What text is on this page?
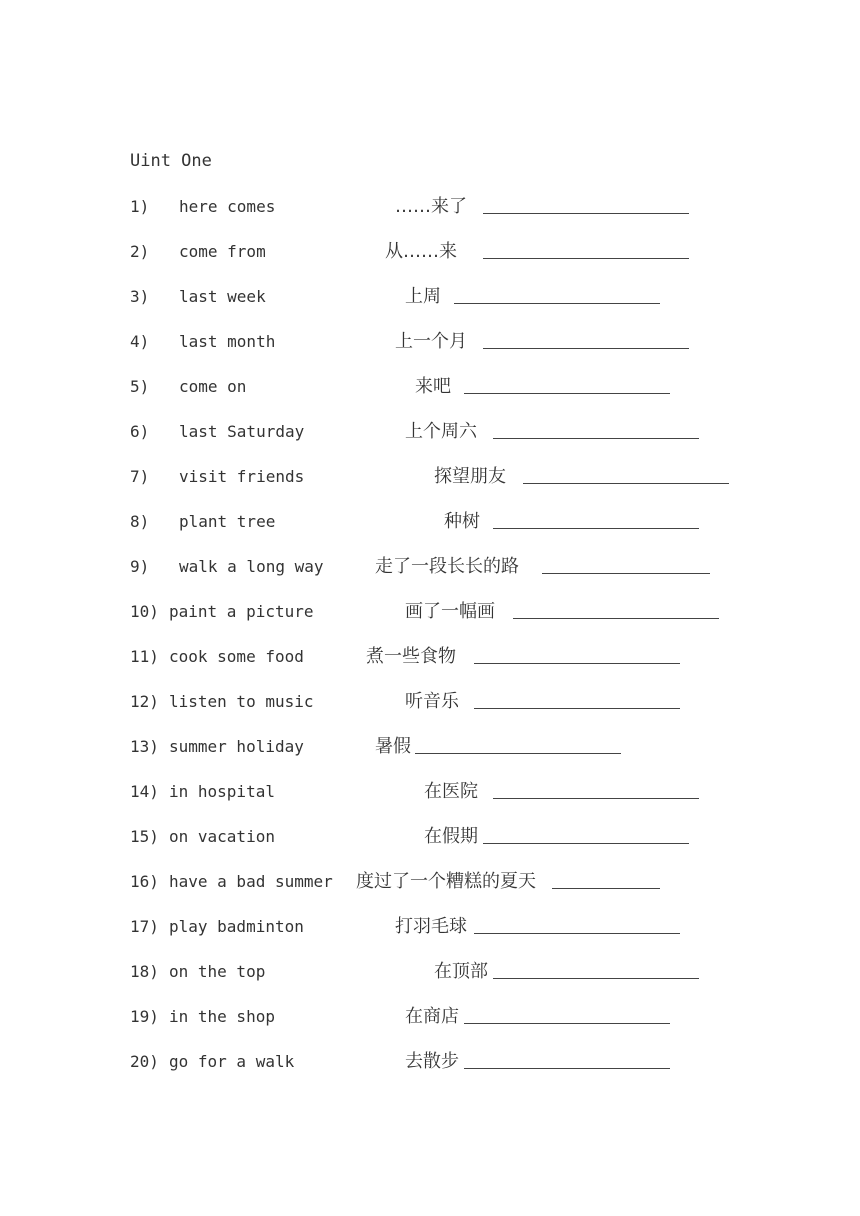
Uint One
1) here comes	……来了
2) come from	从……来
3) last week	上周
4) last month	上一个月
5) come on	来吧
6) last Saturday	上个周六
7) visit friends	探望朋友
8) plant tree	种树
9) walk a long way	走了一段长长的路
10) paint a picture	画了一幅画
11) cook some food	煮一些食物
12) listen to music	听音乐
13) summer holiday	暑假
14) in hospital	在医院
15) on vacation	在假期
16) have a bad summer 度过了一个糟糕的夏天
17) play badminton	打羽毛球
18) on the top	在顶部
19) in the shop	在商店
20) go for a walk	去散步
